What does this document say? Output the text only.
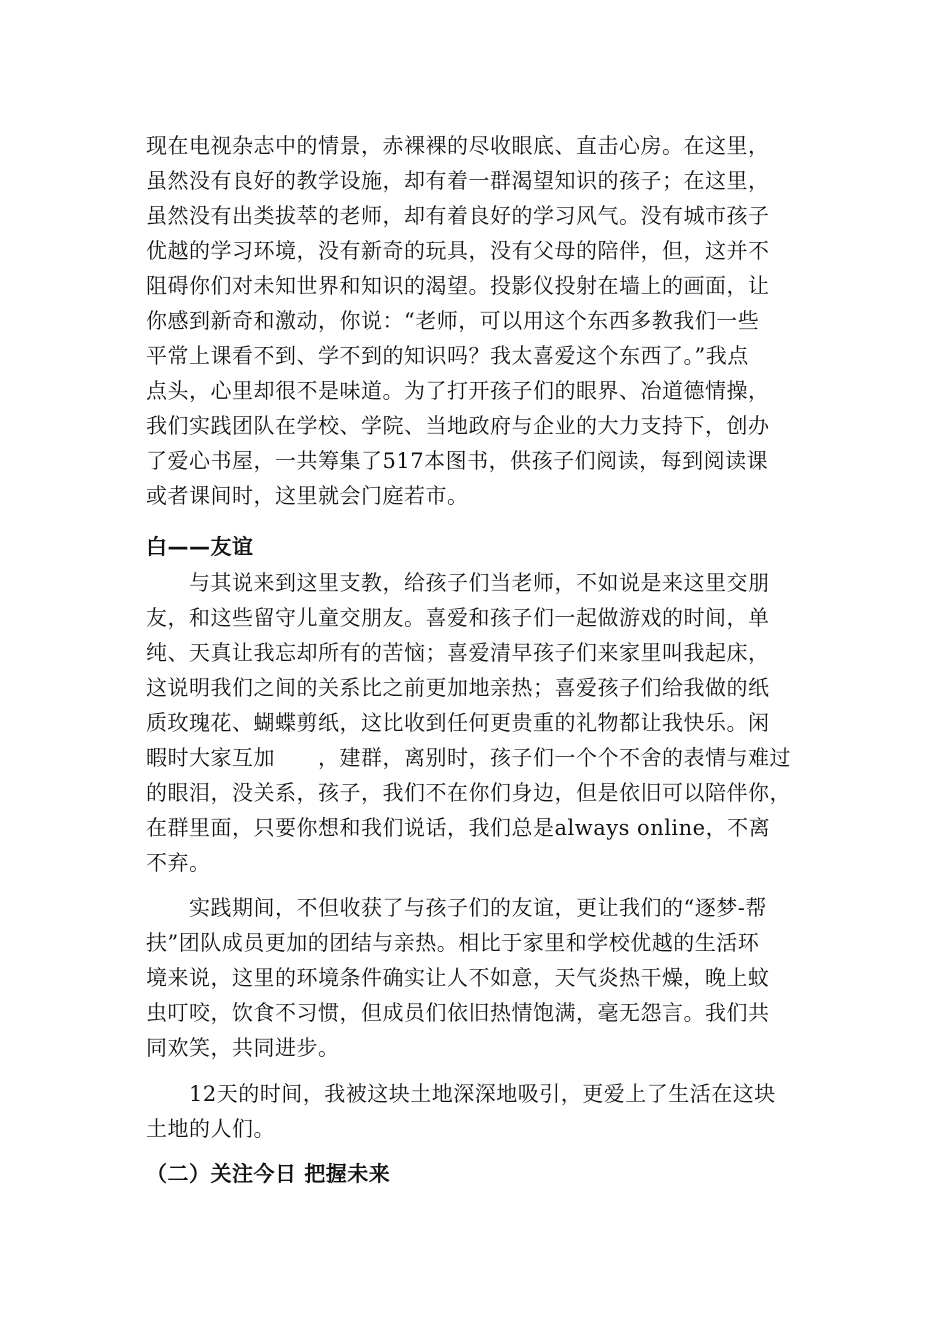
现在电视杂志中的情景，赤裸裸的尽收眼底、直击心房。在这里，
虽然没有良好的教学设施，却有着一群渴望知识的孩子；在这里，
虽然没有出类拔萃的老师，却有着良好的学习风气。没有城市孩子
优越的学习环境，没有新奇的玩具，没有父母的陪伴，但，这并不
阻碍你们对未知世界和知识的渴望。投影仪投射在墙上的画面，让
你感到新奇和激动，你说：“老师，可以用这个东西多教我们一些
平常上课看不到、学不到的知识吗？我太喜爱这个东西了。”我点
点头，心里却很不是味道。为了打开孩子们的眼界、冶道德情操，
我们实践团队在学校、学院、当地政府与企业的大力支持下，创办
了爱心书屋，一共筹集了517本图书，供孩子们阅读，每到阅读课
或者课间时，这里就会门庭若市。
白——友谊
　　与其说来到这里支教，给孩子们当老师，不如说是来这里交朋
友，和这些留守儿童交朋友。喜爱和孩子们一起做游戏的时间，单
纯、天真让我忘却所有的苦恼；喜爱清早孩子们来家里叫我起床，
这说明我们之间的关系比之前更加地亲热；喜爱孩子们给我做的纸
质玫瑰花、蝴蝶剪纸，这比收到任何更贵重的礼物都让我快乐。闲
暇时大家互加　　，建群，离别时，孩子们一个个不舍的表情与难过
的眼泪，没关系，孩子，我们不在你们身边，但是依旧可以陪伴你，
在群里面，只要你想和我们说话，我们总是always online，不离
不弃。
　　实践期间，不但收获了与孩子们的友谊，更让我们的“逐梦-帮
扶”团队成员更加的团结与亲热。相比于家里和学校优越的生活环
境来说，这里的环境条件确实让人不如意，天气炎热干燥，晚上蚊
虫叮咬，饮食不习惯，但成员们依旧热情饱满，毫无怨言。我们共
同欢笑，共同进步。
　　12天的时间，我被这块土地深深地吸引，更爱上了生活在这块
土地的人们。
（二）关注今日 把握未来
